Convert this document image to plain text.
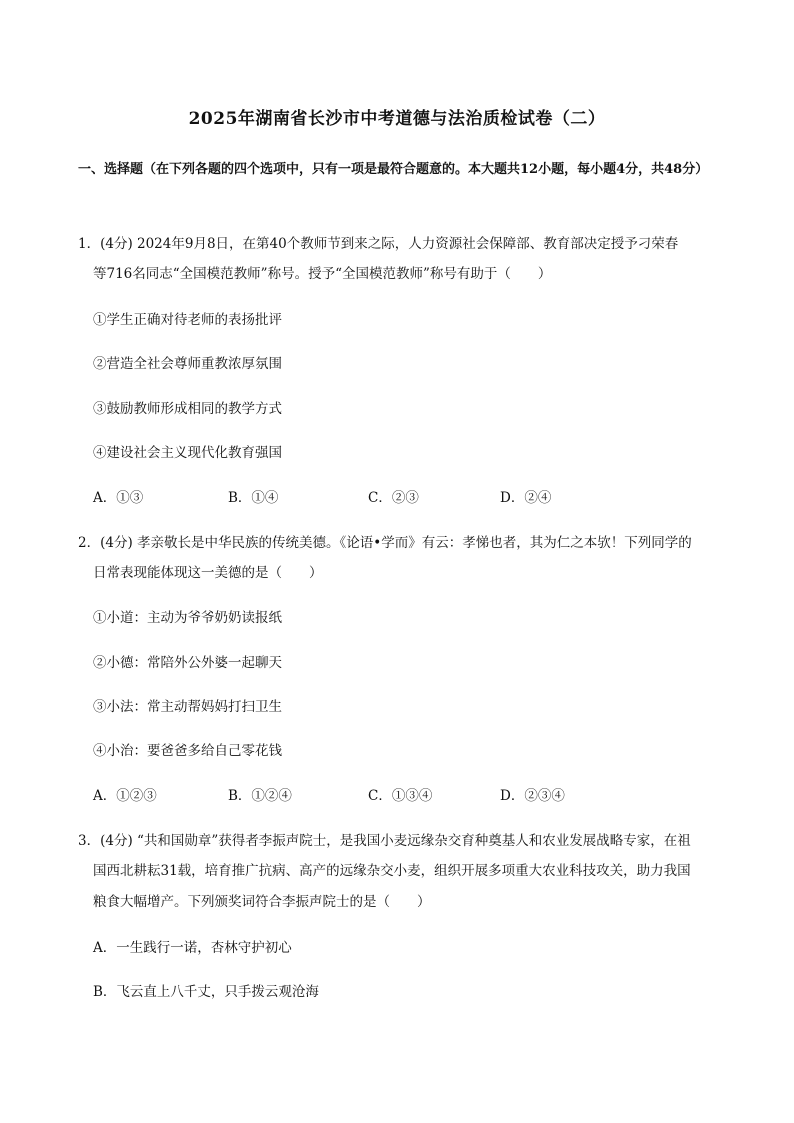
2025年湖南省长沙市中考道德与法治质检试卷（二）
一、选择题（在下列各题的四个选项中，只有一项是最符合题意的。本大题共12小题，每小题4分，共48分）
1．(4分) 2024年9月8日，在第40个教师节到来之际，人力资源社会保障部、教育部决定授予刁荣春
等716名同志“全国模范教师”称号。授予“全国模范教师”称号有助于（　　）
①学生正确对待老师的表扬批评
②营造全社会尊师重教浓厚氛围
③鼓励教师形成相同的教学方式
④建设社会主义现代化教育强国
A．①③	B．①④	C．②③	D．②④
2．(4分) 孝亲敬长是中华民族的传统美德。《论语•学而》有云：孝悌也者，其为仁之本欤！下列同学的
日常表现能体现这一美德的是（　　）
①小道：主动为爷爷奶奶读报纸
②小德：常陪外公外婆一起聊天
③小法：常主动帮妈妈打扫卫生
④小治：要爸爸多给自己零花钱
A．①②③	B．①②④	C．①③④	D．②③④
3．(4分) “共和国勋章”获得者李振声院士，是我国小麦远缘杂交育种奠基人和农业发展战略专家，在祖
国西北耕耘31载，培育推广抗病、高产的远缘杂交小麦，组织开展多项重大农业科技攻关，助力我国
粮食大幅增产。下列颁奖词符合李振声院士的是（　　）
A．一生践行一诺，杏林守护初心
B．飞云直上八千丈，只手拨云观沧海
